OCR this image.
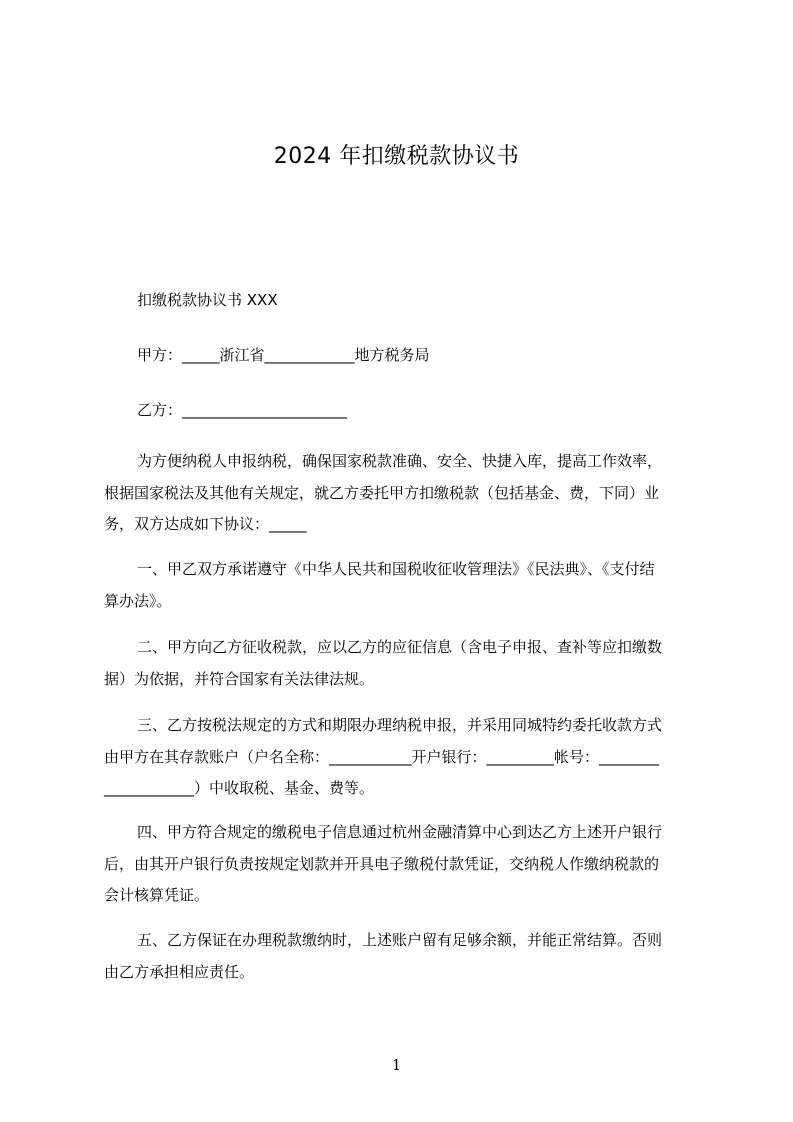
2024 年扣缴税款协议书
扣缴税款协议书 XXX
甲方：_____浙江省____________地方税务局
乙方：______________________

为方便纳税人申报纳税，确保国家税款准确、安全、快捷入库，提高工作效率，

根据国家税法及其他有关规定，就乙方委托甲方扣缴税款（包括基金、费，下同）业

务，双方达成如下协议：_____

一、甲乙双方承诺遵守《中华人民共和国税收征收管理法》《民法典》、《支付结

算办法》。

二、甲方向乙方征收税款，应以乙方的应征信息（含电子申报、查补等应扣缴数

据）为依据，并符合国家有关法律法规。

三、乙方按税法规定的方式和期限办理纳税申报，并采用同城特约委托收款方式

由甲方在其存款账户（户名全称：___________开户银行：_________帐号：________

____________）中收取税、基金、费等。

四、甲方符合规定的缴税电子信息通过杭州金融清算中心到达乙方上述开户银行

后，由其开户银行负责按规定划款并开具电子缴税付款凭证，交纳税人作缴纳税款的

会计核算凭证。

五、乙方保证在办理税款缴纳时，上述账户留有足够余额，并能正常结算。否则

由乙方承担相应责任。

1
